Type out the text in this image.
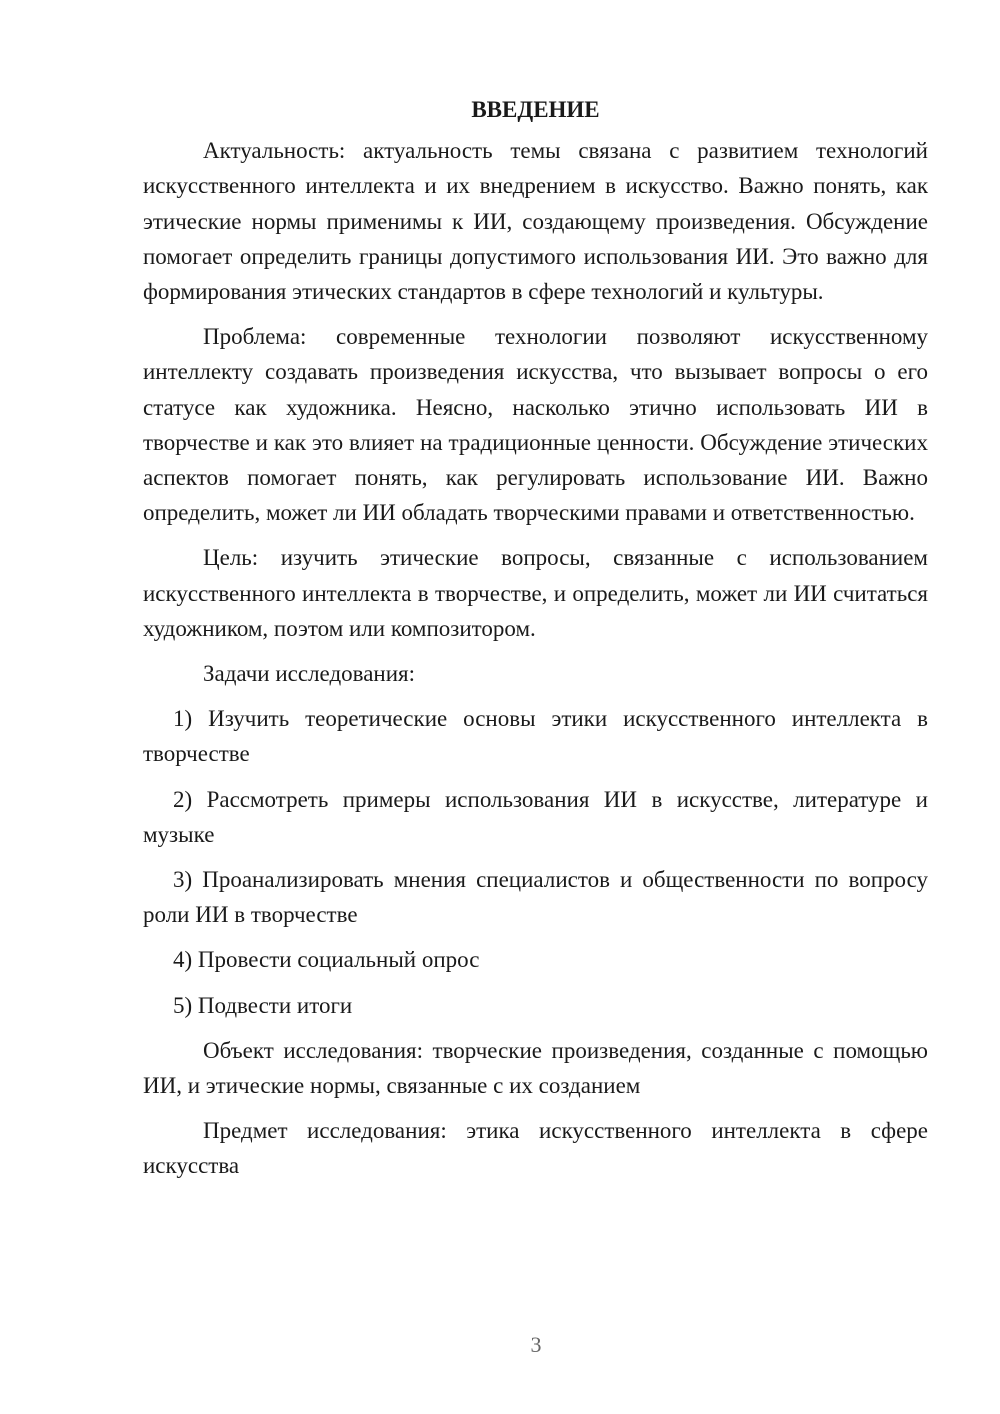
ВВЕДЕНИЕ

Актуальность: актуальность темы связана с развитием технологий искусственного интеллекта и их внедрением в искусство. Важно понять, как этические нормы применимы к ИИ, создающему произведения. Обсуждение помогает определить границы допустимого использования ИИ. Это важно для формирования этических стандартов в сфере технологий и культуры.

Проблема: современные технологии позволяют искусственному интеллекту создавать произведения искусства, что вызывает вопросы о его статусе как художника. Неясно, насколько этично использовать ИИ в творчестве и как это влияет на традиционные ценности. Обсуждение этических аспектов помогает понять, как регулировать использование ИИ. Важно определить, может ли ИИ обладать творческими правами и ответственностью.

Цель: изучить этические вопросы, связанные с использованием искусственного интеллекта в творчестве, и определить, может ли ИИ считаться художником, поэтом или композитором.

Задачи исследования:

1) Изучить теоретические основы этики искусственного интеллекта в творчестве

2) Рассмотреть примеры использования ИИ в искусстве, литературе и музыке

3) Проанализировать мнения специалистов и общественности по вопросу роли ИИ в творчестве

4) Провести социальный опрос

5) Подвести итоги

Объект исследования: творческие произведения, созданные с помощью ИИ, и этические нормы, связанные с их созданием

Предмет исследования: этика искусственного интеллекта в сфере искусства

3
